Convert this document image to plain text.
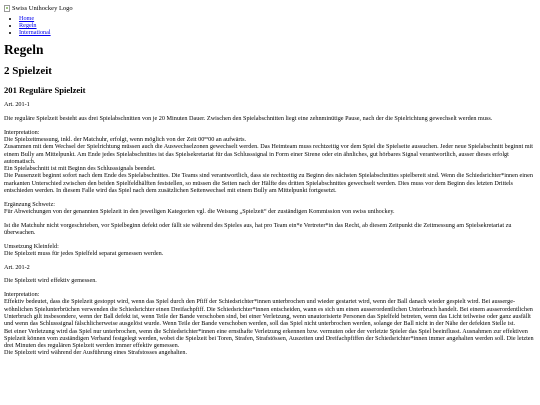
Swiss Unihockey Logo
• Home
• Regeln
• International
Regeln
2 Spielzeit
201 Reguläre Spielzeit

Art. 201-1

Die reguläre Spielzeit besteht aus drei Spielabschnitten von je 20 Minuten Dauer. Zwischen den Spielabschnitten liegt eine zehnminütige Pause, nach der die Spielrichtung gewechselt werden muss.

Interpretation:
Die Spielzeitmessung, inkl. der Matchuhr, erfolgt, wenn möglich von der Zeit 00ºº00 an aufwärts.
Zusammen mit dem Wechsel der Spielrichtung müssen auch die Auswechselzonen gewechselt werden. Das Heimteam muss rechtzeitig vor dem Spiel die Spielseite aussuchen. Jeder neue Spielabschnitt beginnt mit einem Bully am Mittelpunkt. Am Ende jedes Spielabschnittes ist das Spielsekretariat für das Schlusssignal in Form einer Sirene oder ein ähnliches, gut hörbares Signal verantwortlich, ausser dieses erfolgt automatisch.
Ein Spielabschnitt ist mit Beginn des Schlusssignals beendet.
Die Pausenzeit beginnt sofort nach dem Ende des Spielabschnittes. Die Teams sind verantwortlich, dass sie rechtzeitig zu Beginn des nächsten Spielabschnittes spielbereit sind. Wenn die Schiedsrichter*innen einen markanten Unterschied zwischen den beiden Spielfeldhälften feststellen, so müssen die Seiten nach der Hälfte des dritten Spielabschnittes gewechselt werden. Dies muss vor dem Beginn des letzten Drittels entschieden werden. In diesem Falle wird das Spiel nach dem zusätzlichen Seitenwechsel mit einem Bully am Mittelpunkt fortgesetzt.

Ergänzung Schweiz:
Für Abweichungen von der genannten Spielzeit in den jeweiligen Kategorien vgl. die Weisung „Spielzeit“ der zuständigen Kommission von swiss unihockey.

Ist die Matchuhr nicht vorgeschrieben, vor Spielbeginn defekt oder fällt sie während des Spieles aus, hat pro Team ein*e Vertreter*in das Recht, ab diesem Zeitpunkt die Zeitmessung am Spielsekretariat zu überwachen.

Umsetzung Kleinfeld:
Die Spielzeit muss für jedes Spielfeld separat gemessen werden.

Art. 201-2

Die Spielzeit wird effektiv gemessen.

Interpretation:
Effektiv bedeutet, dass die Spielzeit gestoppt wird, wenn das Spiel durch den Pfiff der Schiedsrichter*innen unterbrochen und wieder gestartet wird, wenn der Ball danach wieder gespielt wird. Bei aussergewöhnlichen Spielunterbrüchen verwenden die Schiedsrichter einen Dreifachpfiff. Die Schiedsrichter*innen entscheiden, wann es sich um einen ausserordentlichen Unterbruch handelt. Bei einem ausserordentlichen Unterbruch gilt insbesondere, wenn der Ball defekt ist, wenn Teile der Bande verschoben sind, bei einer Verletzung, wenn unautorisierte Personen das Spielfeld betreten, wenn das Licht teilweise oder ganz ausfällt und wenn das Schlusssignal fälschlicherweise ausgelöst wurde. Wenn Teile der Bande verschoben werden, soll das Spiel nicht unterbrochen werden, solange der Ball nicht in der Nähe der defekten Stelle ist.
Bei einer Verletzung wird das Spiel nur unterbrochen, wenn die Schiedsrichter*innen eine ernsthafte Verletzung erkennen bzw. vermuten oder der verletzte Spieler das Spiel beeinflusst. Ausnahmen zur effektiven Spielzeit können vom zuständigen Verband festgelegt werden, wobei die Spielzeit bei Toren, Strafen, Strafstössen, Auszeiten und Dreifachpfiffen der Schiedsrichter*innen immer angehalten werden soll. Die letzten drei Minuten des regulären Spielzeit werden immer effektiv gemessen.
Die Spielzeit wird während der Ausführung eines Strafstosses angehalten.
